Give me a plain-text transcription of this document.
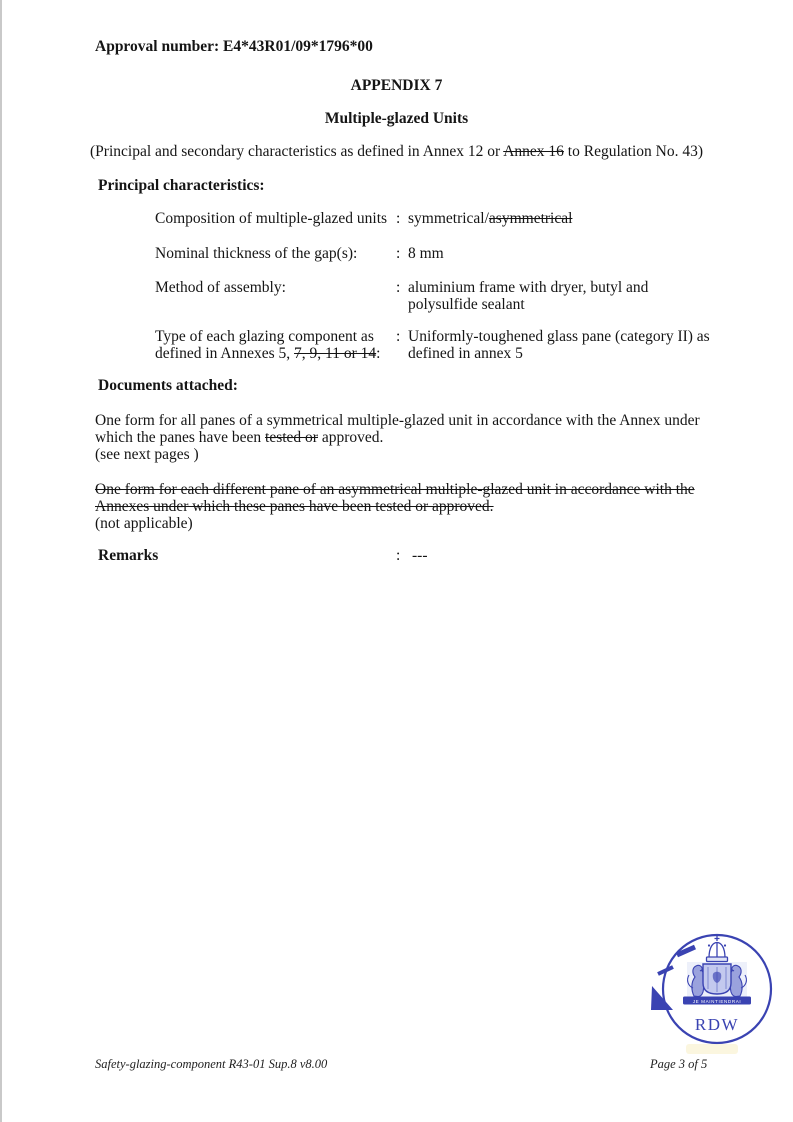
Approval number: E4*43R01/09*1796*00
APPENDIX 7
Multiple-glazed Units
(Principal and secondary characteristics as defined in Annex 12 or Annex 16 to Regulation No. 43)
Principal characteristics:
Composition of multiple-glazed units : symmetrical/asymmetrical
Nominal thickness of the gap(s): : 8 mm
Method of assembly:	: aluminium frame with dryer, butyl and
polysulfide sealant
Type of each glazing component as
defined in Annexes 5, 7, 9, 11 or 14:
: Uniformly-toughened glass pane (category II) as
defined in annex 5
Documents attached:
One form for all panes of a symmetrical multiple-glazed unit in accordance with the Annex under
which the panes have been tested or approved.
(see next pages )
One form for each different pane of an asymmetrical multiple-glazed unit in accordance with the
Annexes under which these panes have been tested or approved.
(not applicable)
Remarks	: ---
JE MAINTIENDRAI
RDW
Safety-glazing-component R43-01 Sup.8 v8.00	Page 3 of 5
